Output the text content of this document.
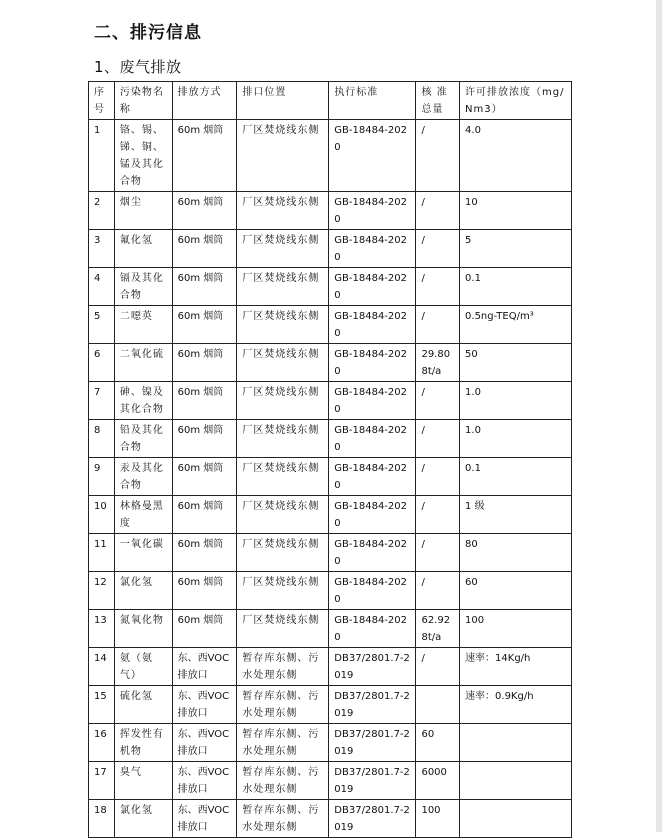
二、排污信息
1、废气排放
序号	污染物名称	排放方式	排口位置	执行标准	核 准总量	许可排放浓度（mg/Nm3）
1	铬、锡、锑、铜、锰及其化合物	60m 烟筒	厂区焚烧线东侧	GB-18484-2020	/	4.0
2	烟尘	60m 烟筒	厂区焚烧线东侧	GB-18484-2020	/	10
3	氟化氢	60m 烟筒	厂区焚烧线东侧	GB-18484-2020	/	5
4	镉及其化合物	60m 烟筒	厂区焚烧线东侧	GB-18484-2020	/	0.1
5	二噁英	60m 烟筒	厂区焚烧线东侧	GB-18484-2020	/	0.5ng-TEQ/m³
6	二氧化硫	60m 烟筒	厂区焚烧线东侧	GB-18484-2020	29.808t/a	50
7	砷、镍及其化合物	60m 烟筒	厂区焚烧线东侧	GB-18484-2020	/	1.0
8	铅及其化合物	60m 烟筒	厂区焚烧线东侧	GB-18484-2020	/	1.0
9	汞及其化合物	60m 烟筒	厂区焚烧线东侧	GB-18484-2020	/	0.1
10	林格曼黑度	60m 烟筒	厂区焚烧线东侧	GB-18484-2020	/	1 级
11	一氧化碳	60m 烟筒	厂区焚烧线东侧	GB-18484-2020	/	80
12	氯化氢	60m 烟筒	厂区焚烧线东侧	GB-18484-2020	/	60
13	氮氧化物	60m 烟筒	厂区焚烧线东侧	GB-18484-2020	62.928t/a	100
14	氨（氨气）	东、西VOC排放口	暂存库东侧、污水处理东侧	DB37/2801.7-2019	/	速率：14Kg/h
15	硫化氢	东、西VOC排放口	暂存库东侧、污水处理东侧	DB37/2801.7-2019		速率：0.9Kg/h
16	挥发性有机物	东、西VOC排放口	暂存库东侧、污水处理东侧	DB37/2801.7-2019	60	
17	臭气	东、西VOC排放口	暂存库东侧、污水处理东侧	DB37/2801.7-2019	6000	
18	氯化氢	东、西VOC排放口	暂存库东侧、污水处理东侧	DB37/2801.7-2019	100	
